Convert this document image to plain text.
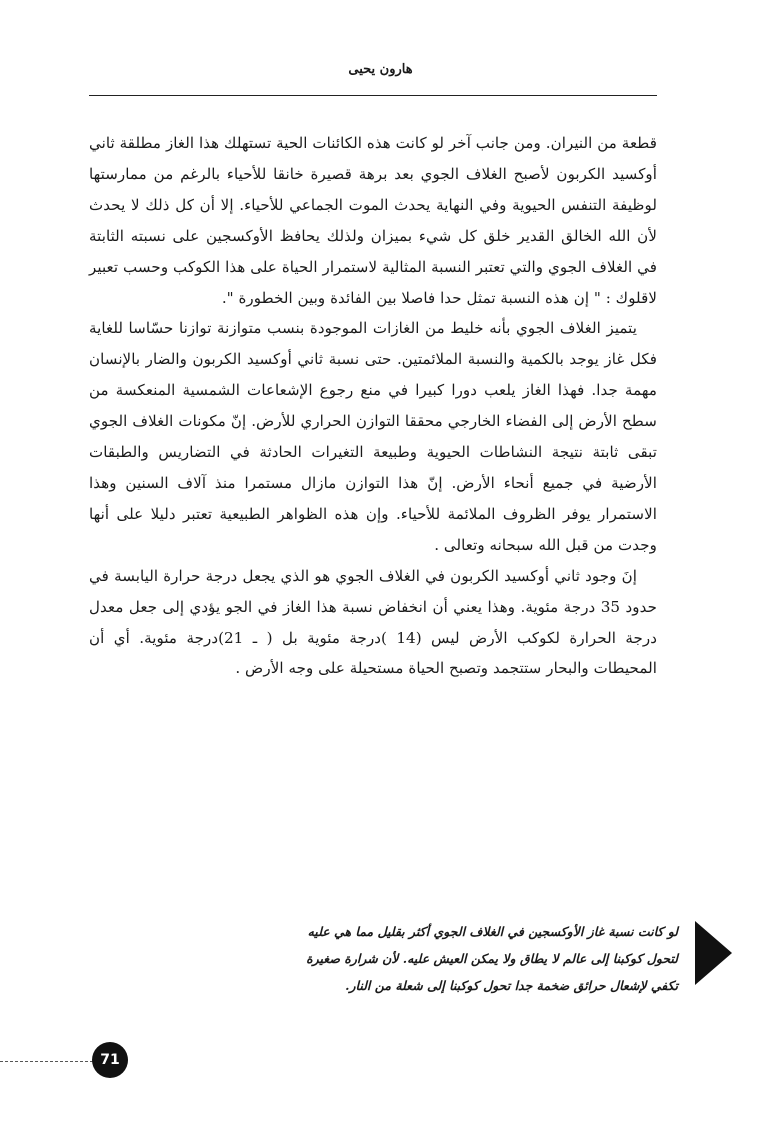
هارون يحيى

قطعة من النيران. ومن جانب آخر لو كانت هذه الكائنات الحية تستهلك هذا الغاز مطلقة ثاني أوكسيد الكربون لأصبح الغلاف الجوي بعد برهة قصيرة خانقا للأحياء بالرغم من ممارستها لوظيفة التنفس الحيوية وفي النهاية يحدث الموت الجماعي للأحياء. إلا أن كل ذلك لا يحدث لأن الله الخالق القدير خلق كل شيء بميزان ولذلك يحافظ الأوكسجين على نسبته الثابتة في الغلاف الجوي والتي تعتبر النسبة المثالية لاستمرار الحياة على هذا الكوكب وحسب تعبير لاقلوك : " إن هذه النسبة تمثل حدا فاصلا بين الفائدة وبين الخطورة ".

يتميز الغلاف الجوي بأنه خليط من الغازات الموجودة بنسب متوازنة توازنا حسّاسا للغاية فكل غاز يوجد بالكمية والنسبة الملائمتين. حتى نسبة ثاني أوكسيد الكربون والضار بالإنسان مهمة جدا. فهذا الغاز يلعب دورا كبيرا في منع رجوع الإشعاعات الشمسية المنعكسة من سطح الأرض إلى الفضاء الخارجي محققا التوازن الحراري للأرض. إنّ مكونات الغلاف الجوي تبقى ثابتة نتيجة النشاطات الحيوية وطبيعة التغيرات الحادثة في التضاريس والطبقات الأرضية في جميع أنحاء الأرض. إنّ هذا التوازن مازال مستمرا منذ آلاف السنين وهذا الاستمرار يوفر الظروف الملائمة للأحياء. وإن هذه الظواهر الطبيعية تعتبر دليلا على أنها وجدت من قبل الله سبحانه وتعالى .

إنَ وجود ثاني أوكسيد الكربون في الغلاف الجوي هو الذي يجعل درجة حرارة اليابسة في حدود 35 درجة مئوية. وهذا يعني أن انخفاض نسبة هذا الغاز في الجو يؤدي إلى جعل معدل درجة الحرارة لكوكب الأرض ليس (14 )درجة مئوية بل ( ـ 21)درجة مئوية. أي أن المحيطات والبحار ستتجمد وتصبح الحياة مستحيلة على وجه الأرض .

لو كانت نسبة غاز الأوكسجين في الغلاف الجوي أكثر بقليل مما هي عليه
لتحول كوكبنا إلى عالم لا يطاق ولا يمكن العيش عليه. لأن شرارة صغيرة
تكفي لإشعال حرائق ضخمة جدا تحول كوكبنا إلى شعلة من النار.
71
